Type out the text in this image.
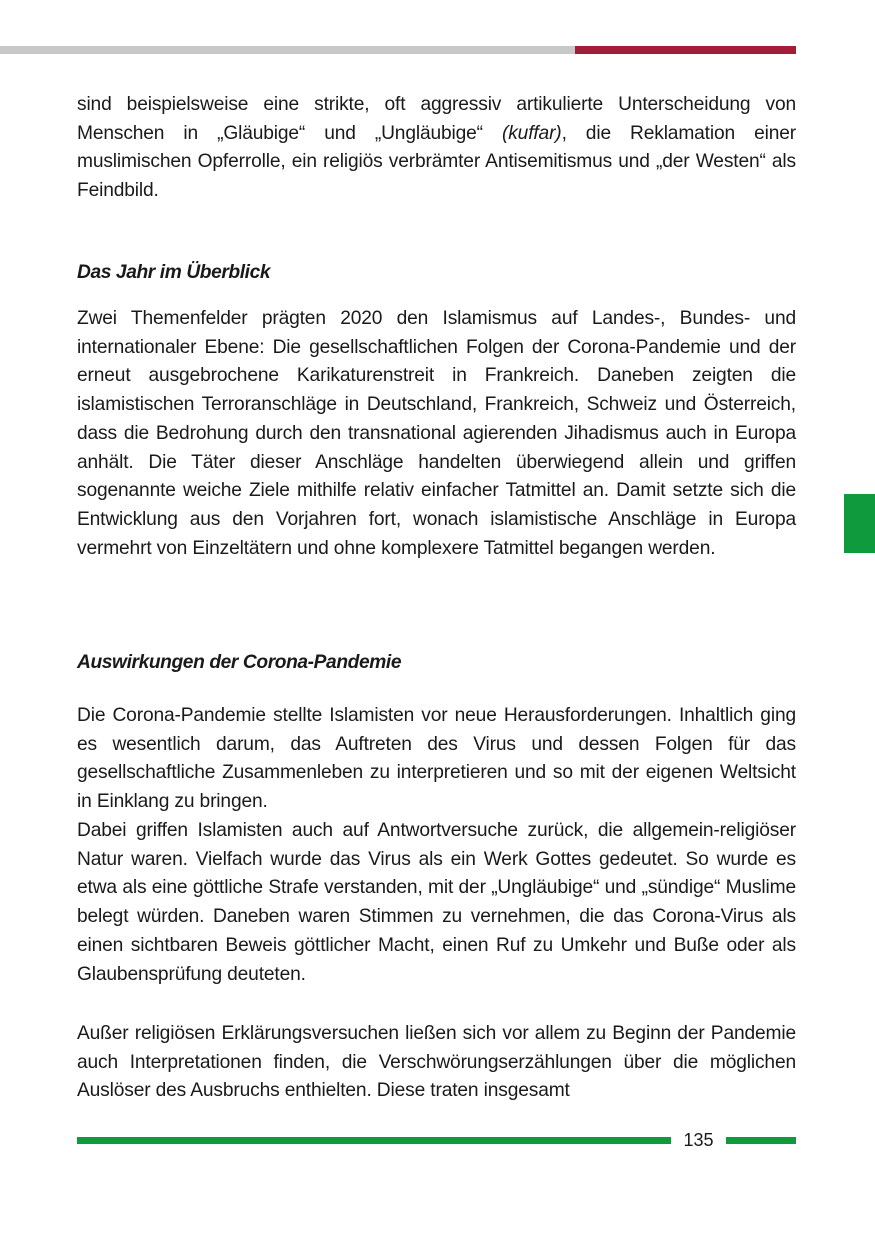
sind beispielsweise eine strikte, oft aggressiv artikulierte Unterscheidung von Menschen in „Gläubige“ und „Ungläubige“ (kuffar), die Reklamation einer muslimischen Opferrolle, ein religiös verbrämter Antisemitismus und „der Westen“ als Feindbild.

Das Jahr im Überblick

Zwei Themenfelder prägten 2020 den Islamismus auf Landes-, Bundes- und internationaler Ebene: Die gesellschaftlichen Folgen der Corona-Pandemie und der erneut ausgebrochene Karikaturenstreit in Frankreich. Daneben zeigten die islamistischen Terroranschläge in Deutschland, Frankreich, Schweiz und Österreich, dass die Bedrohung durch den transnational agierenden Jihadismus auch in Europa anhält. Die Täter dieser Anschläge handelten überwiegend allein und griffen sogenannte weiche Ziele mithilfe relativ einfacher Tatmittel an. Damit setzte sich die Entwicklung aus den Vorjahren fort, wonach islamistische Anschläge in Europa vermehrt von Einzeltätern und ohne komplexere Tatmittel begangen werden.

Auswirkungen der Corona-Pandemie

Die Corona-Pandemie stellte Islamisten vor neue Herausforderungen. Inhaltlich ging es wesentlich darum, das Auftreten des Virus und dessen Folgen für das gesellschaftliche Zusammenleben zu interpretieren und so mit der eigenen Weltsicht in Einklang zu bringen.

Dabei griffen Islamisten auch auf Antwortversuche zurück, die allgemein-religiöser Natur waren. Vielfach wurde das Virus als ein Werk Gottes gedeutet. So wurde es etwa als eine göttliche Strafe verstanden, mit der „Ungläubige“ und „sündige“ Muslime belegt würden. Daneben waren Stimmen zu vernehmen, die das Corona-Virus als einen sichtbaren Beweis göttlicher Macht, einen Ruf zu Umkehr und Buße oder als Glaubensprüfung deuteten.

Außer religiösen Erklärungsversuchen ließen sich vor allem zu Beginn der Pandemie auch Interpretationen finden, die Verschwörungserzählungen über die möglichen Auslöser des Ausbruchs enthielten. Diese traten insgesamt

135
